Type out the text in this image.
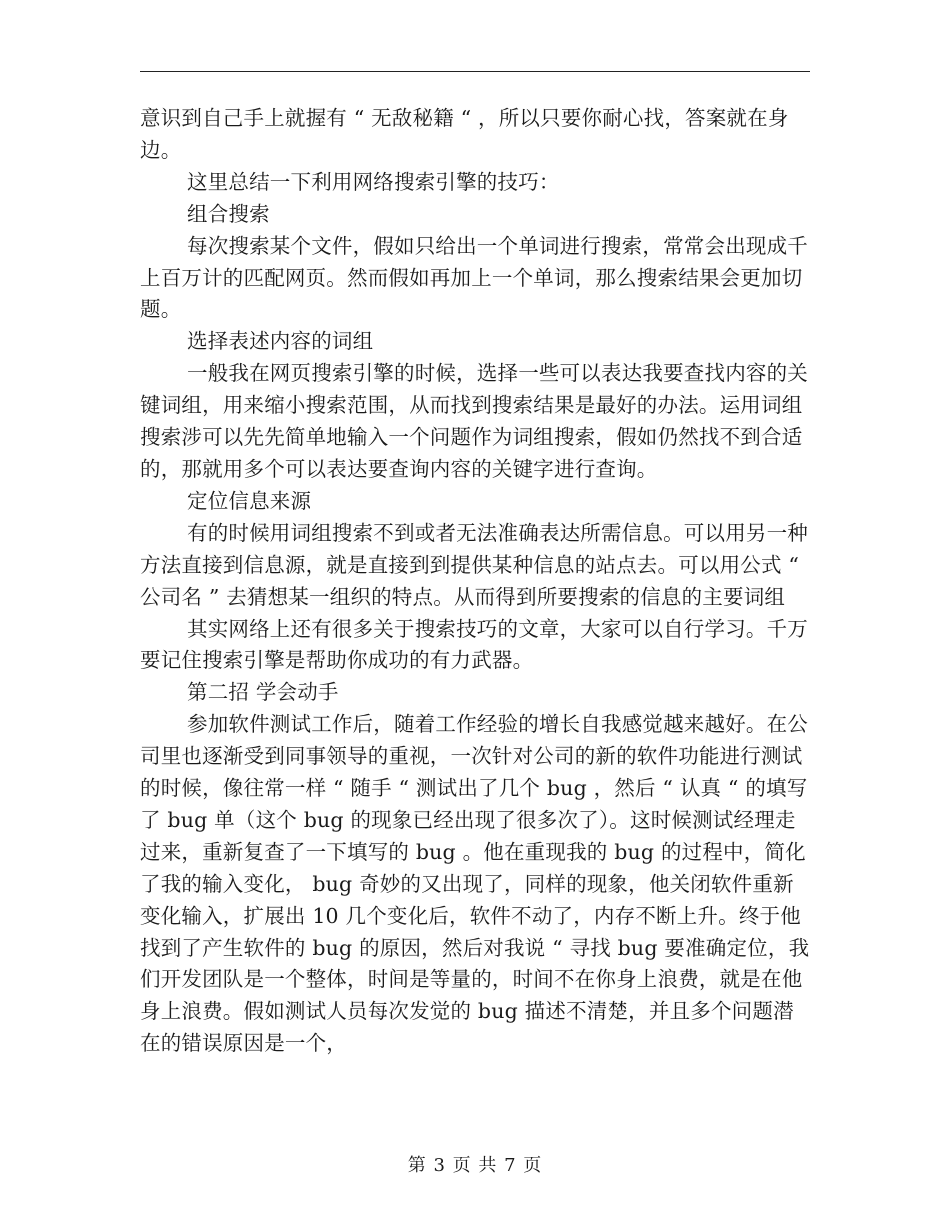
意识到自己手上就握有 “ 无敌秘籍 “ ，所以只要你耐心找，答案就在身边。

这里总结一下利用网络搜索引擎的技巧：

组合搜索

每次搜索某个文件，假如只给出一个单词进行搜索，常常会出现成千上百万计的匹配网页。然而假如再加上一个单词，那么搜索结果会更加切题。

选择表述内容的词组

一般我在网页搜索引擎的时候，选择一些可以表达我要查找内容的关键词组，用来缩小搜索范围，从而找到搜索结果是最好的办法。运用词组搜索涉可以先先简单地输入一个问题作为词组搜索，假如仍然找不到合适的，那就用多个可以表达要查询内容的关键字进行查询。

定位信息来源

有的时候用词组搜索不到或者无法准确表达所需信息。可以用另一种方法直接到信息源，就是直接到到提供某种信息的站点去。可以用公式 “ 公司名 ” 去猜想某一组织的特点。从而得到所要搜索的信息的主要词组

其实网络上还有很多关于搜索技巧的文章，大家可以自行学习。千万要记住搜索引擎是帮助你成功的有力武器。

第二招 学会动手

参加软件测试工作后，随着工作经验的增长自我感觉越来越好。在公司里也逐渐受到同事领导的重视，一次针对公司的新的软件功能进行测试的时候，像往常一样 “ 随手 “ 测试出了几个 bug ，然后 “ 认真 “ 的填写了 bug 单（这个 bug 的现象已经出现了很多次了）。这时候测试经理走过来，重新复查了一下填写的 bug 。他在重现我的 bug 的过程中，简化了我的输入变化， bug 奇妙的又出现了，同样的现象，他关闭软件重新变化输入，扩展出 10 几个变化后，软件不动了，内存不断上升。终于他找到了产生软件的 bug 的原因，然后对我说 “ 寻找 bug 要准确定位，我们开发团队是一个整体，时间是等量的，时间不在你身上浪费，就是在他身上浪费。假如测试人员每次发觉的 bug 描述不清楚，并且多个问题潜在的错误原因是一个，

第 3 页 共 7 页
